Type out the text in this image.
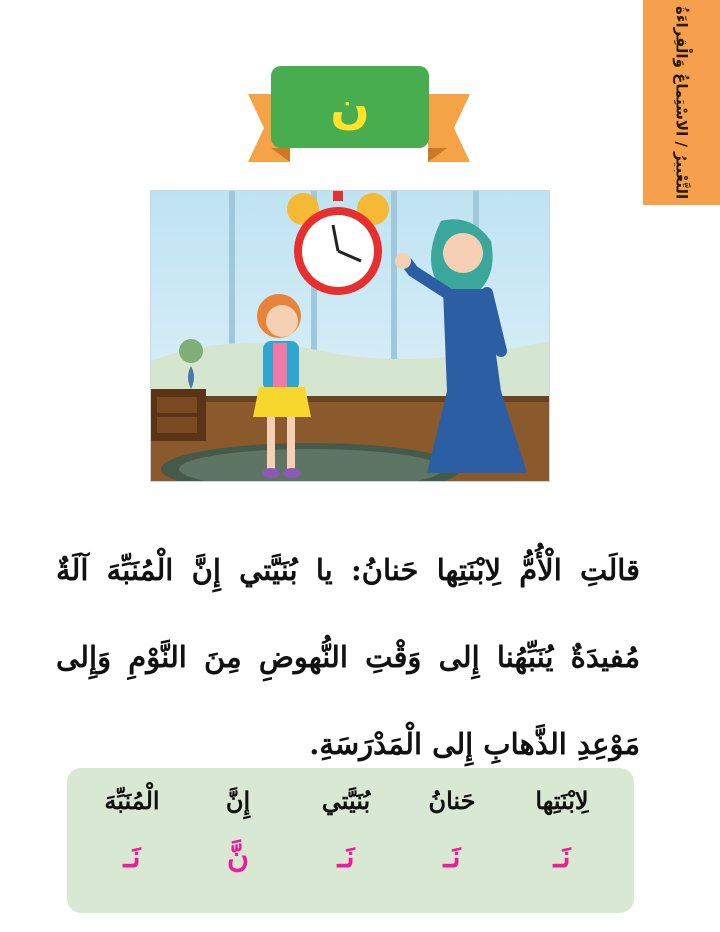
التَّعْبيرُ / الاسْتِماعُ وَالْقِراءَةُ
ن

قالَتِ الْأُمُّ لِابْنَتِها حَنانُ: يا بُنَيَّتي إِنَّ الْمُنَبِّهَ آلَةٌ مُفيدَةٌ يُنَبِّهُنا إِلى وَقْتِ النُّهوضِ مِنَ النَّوْمِ وَإِلى مَوْعِدِ الذَّهابِ إِلى الْمَدْرَسَةِ.

لِابْنَتِها
حَنانُ
بُنَيَّتي
إِنَّ
الْمُنَبِّهَ
نَـ
نَـ
نَـ
نَّ
نَـ
